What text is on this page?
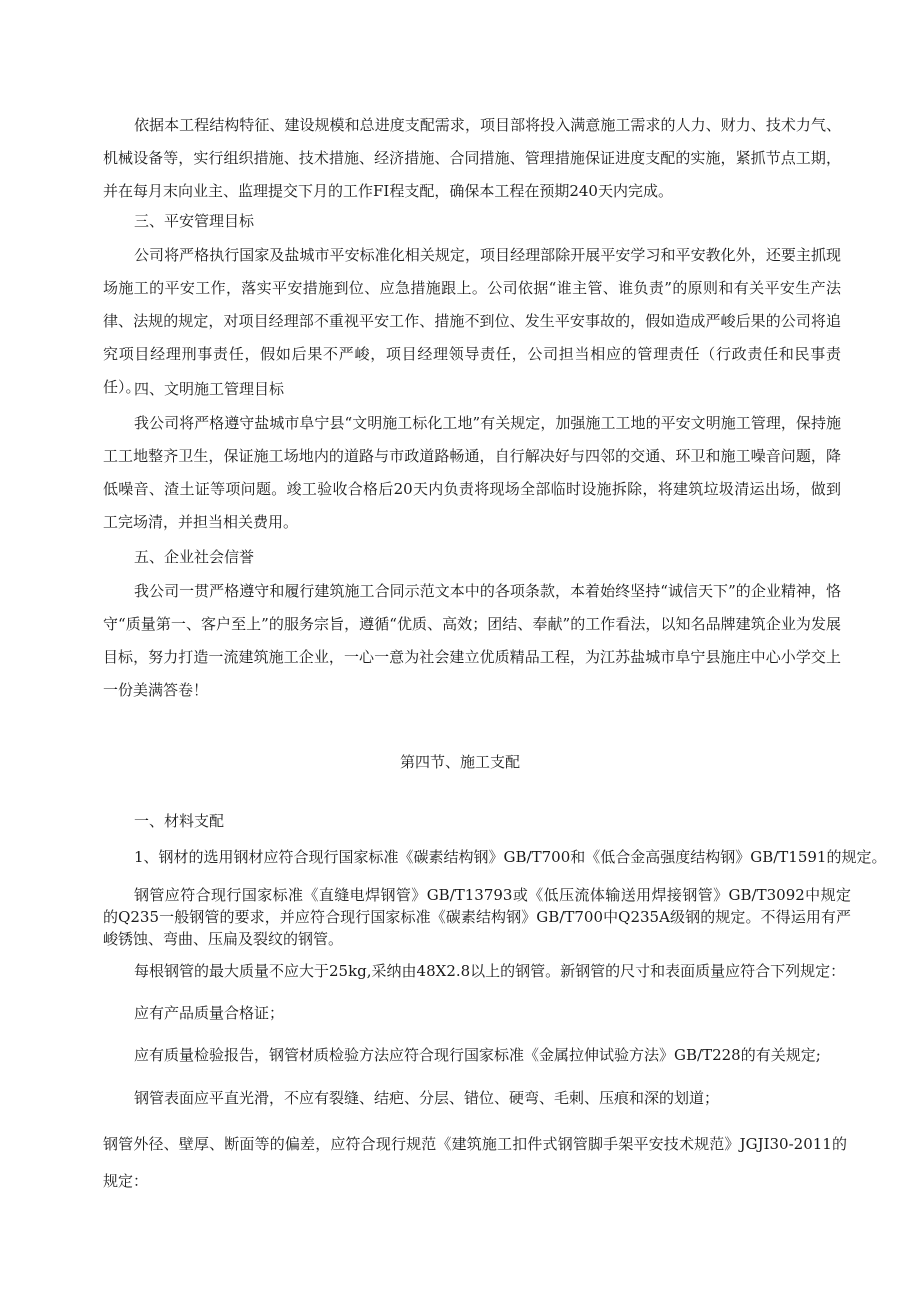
依据本工程结构特征、建设规模和总进度支配需求，项目部将投入满意施工需求的人力、财力、技术力气、机械设备等，实行组织措施、技术措施、经济措施、合同措施、管理措施保证进度支配的实施，紧抓节点工期，并在每月末向业主、监理提交下月的工作FI程支配，确保本工程在预期240天内完成。

三、平安管理目标

公司将严格执行国家及盐城市平安标准化相关规定，项目经理部除开展平安学习和平安教化外，还要主抓现场施工的平安工作，落实平安措施到位、应急措施跟上。公司依据“谁主管、谁负责”的原则和有关平安生产法律、法规的规定，对项目经理部不重视平安工作、措施不到位、发生平安事故的，假如造成严峻后果的公司将追究项目经理刑事责任，假如后果不严峻，项目经理领导责任，公司担当相应的管理责任（行政责任和民事责任）。

四、文明施工管理目标

我公司将严格遵守盐城市阜宁县“文明施工标化工地”有关规定，加强施工工地的平安文明施工管理，保持施工工地整齐卫生，保证施工场地内的道路与市政道路畅通，自行解决好与四邻的交通、环卫和施工噪音问题，降低噪音、渣土证等项问题。竣工验收合格后20天内负责将现场全部临时设施拆除，将建筑垃圾清运出场，做到工完场清，并担当相关费用。

五、企业社会信誉

我公司一贯严格遵守和履行建筑施工合同示范文本中的各项条款，本着始终坚持“诚信天下”的企业精神，恪守“质量第一、客户至上”的服务宗旨，遵循“优质、高效；团结、奉献”的工作看法，以知名品牌建筑企业为发展目标，努力打造一流建筑施工企业，一心一意为社会建立优质精品工程，为江苏盐城市阜宁县施庄中心小学交上一份美满答卷！

第四节、施工支配

一、材料支配

1、钢材的选用钢材应符合现行国家标准《碳素结构钢》GB/T700和《低合金高强度结构钢》GB/T1591的规定。

钢管应符合现行国家标准《直缝电焊钢管》GB/T13793或《低压流体输送用焊接钢管》GB/T3092中规定的Q235一般钢管的要求，并应符合现行国家标准《碳素结构钢》GB/T700中Q235A级钢的规定。不得运用有严峻锈蚀、弯曲、压扁及裂纹的钢管。

每根钢管的最大质量不应大于25kg,采纳由48X2.8以上的钢管。新钢管的尺寸和表面质量应符合下列规定：

应有产品质量合格证；

应有质量检验报告，钢管材质检验方法应符合现行国家标准《金属拉伸试验方法》GB/T228的有关规定;

钢管表面应平直光滑，不应有裂缝、结疤、分层、错位、硬弯、毛刺、压痕和深的划道；

钢管外径、壁厚、断面等的偏差，应符合现行规范《建筑施工扣件式钢管脚手架平安技术规范》JGJI30-2011的规定：
